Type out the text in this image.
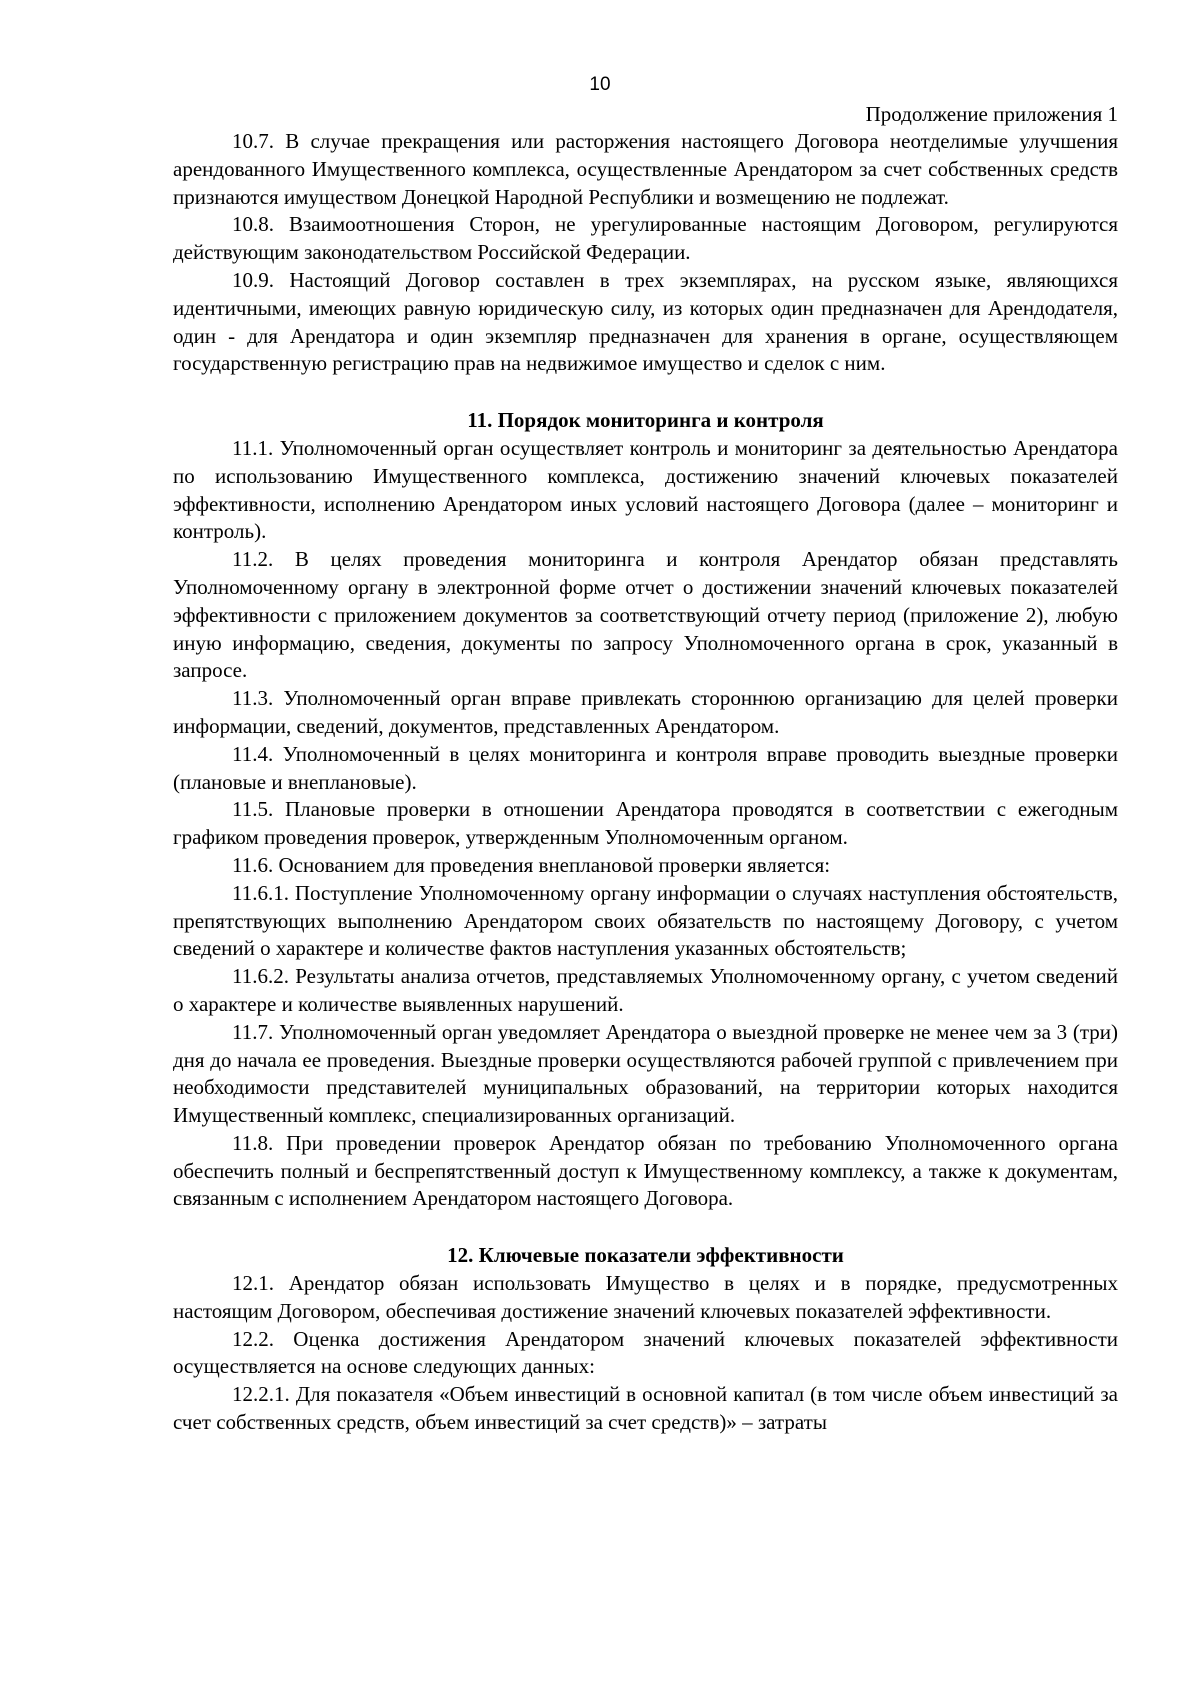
10
Продолжение приложения 1

10.7. В случае прекращения или расторжения настоящего Договора неотделимые улучшения арендованного Имущественного комплекса, осуществленные Арендатором за счет собственных средств признаются имуществом Донецкой Народной Республики и возмещению не подлежат.

10.8. Взаимоотношения Сторон, не урегулированные настоящим Договором, регулируются действующим законодательством Российской Федерации.

10.9. Настоящий Договор составлен в трех экземплярах, на русском языке, являющихся идентичными, имеющих равную юридическую силу, из которых один предназначен для Арендодателя, один - для Арендатора и один экземпляр предназначен для хранения в органе, осуществляющем государственную регистрацию прав на недвижимое имущество и сделок с ним.

11. Порядок мониторинга и контроля

11.1. Уполномоченный орган осуществляет контроль и мониторинг за деятельностью Арендатора по использованию Имущественного комплекса, достижению значений ключевых показателей эффективности, исполнению Арендатором иных условий настоящего Договора (далее – мониторинг и контроль).

11.2. В целях проведения мониторинга и контроля Арендатор обязан представлять Уполномоченному органу в электронной форме отчет о достижении значений ключевых показателей эффективности с приложением документов за соответствующий отчету период (приложение 2), любую иную информацию, сведения, документы по запросу Уполномоченного органа в срок, указанный в запросе.

11.3. Уполномоченный орган вправе привлекать стороннюю организацию для целей проверки информации, сведений, документов, представленных Арендатором.

11.4. Уполномоченный в целях мониторинга и контроля вправе проводить выездные проверки (плановые и внеплановые).

11.5. Плановые проверки в отношении Арендатора проводятся в соответствии с ежегодным графиком проведения проверок, утвержденным Уполномоченным органом.

11.6. Основанием для проведения внеплановой проверки является:

11.6.1. Поступление Уполномоченному органу информации о случаях наступления обстоятельств, препятствующих выполнению Арендатором своих обязательств по настоящему Договору, с учетом сведений о характере и количестве фактов наступления указанных обстоятельств;

11.6.2. Результаты анализа отчетов, представляемых Уполномоченному органу, с учетом сведений о характере и количестве выявленных нарушений.

11.7. Уполномоченный орган уведомляет Арендатора о выездной проверке не менее чем за 3 (три) дня до начала ее проведения. Выездные проверки осуществляются рабочей группой с привлечением при необходимости представителей муниципальных образований, на территории которых находится Имущественный комплекс, специализированных организаций.

11.8. При проведении проверок Арендатор обязан по требованию Уполномоченного органа обеспечить полный и беспрепятственный доступ к Имущественному комплексу, а также к документам, связанным с исполнением Арендатором настоящего Договора.

12. Ключевые показатели эффективности

12.1. Арендатор обязан использовать Имущество в целях и в порядке, предусмотренных настоящим Договором, обеспечивая достижение значений ключевых показателей эффективности.

12.2. Оценка достижения Арендатором значений ключевых показателей эффективности осуществляется на основе следующих данных:

12.2.1. Для показателя «Объем инвестиций в основной капитал (в том числе объем инвестиций за счет собственных средств, объем инвестиций за счет средств)» – затраты
